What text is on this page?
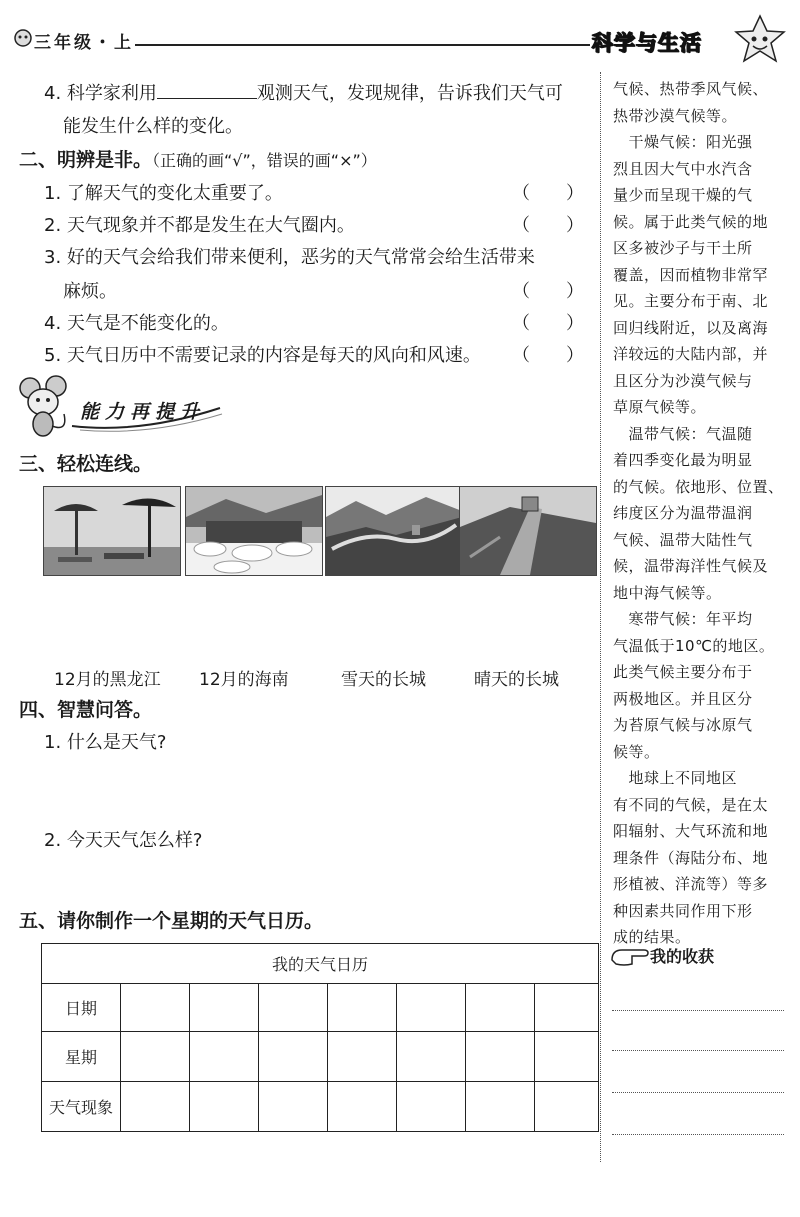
三年级・上	科学与生活
4. 科学家利用	观测天气，发现规律，告诉我们天气可
能发生什么样的变化。
二、明辨是非。（正确的画“√”，错误的画“×”）
1. 了解天气的变化太重要了。	（　　）
2. 天气现象并不都是发生在大气圈内。	（　　）
3. 好的天气会给我们带来便利，恶劣的天气常常会给生活带来
麻烦。	（　　）
4. 天气是不能变化的。	（　　）
5. 天气日历中不需要记录的内容是每天的风向和风速。 （　　）
能力再提升
三、轻松连线。
12月的黑龙江 12月的海南	雪天的长城	晴天的长城
四、智慧问答。
1. 什么是天气?
2. 今天天气怎么样?
五、请你制作一个星期的天气日历。
我的天气日历							
日期							
星期							
天气现象							

气候、热带季风气候、

热带沙漠气候等。

　干燥气候：阳光强

烈且因大气中水汽含

量少而呈现干燥的气

候。属于此类气候的地

区多被沙子与干土所

覆盖，因而植物非常罕

见。主要分布于南、北

回归线附近，以及离海

洋较远的大陆内部，并

且区分为沙漠气候与

草原气候等。

　温带气候：气温随

着四季变化最为明显

的气候。依地形、位置、

纬度区分为温带温润

气候、温带大陆性气

候，温带海洋性气候及

地中海气候等。

　寒带气候：年平均

气温低于10℃的地区。

此类气候主要分布于

两极地区。并且区分

为苔原气候与冰原气

候等。

　地球上不同地区

有不同的气候，是在太

阳辐射、大气环流和地

理条件（海陆分布、地

形植被、洋流等）等多

种因素共同作用下形

成的结果。

我的收获
